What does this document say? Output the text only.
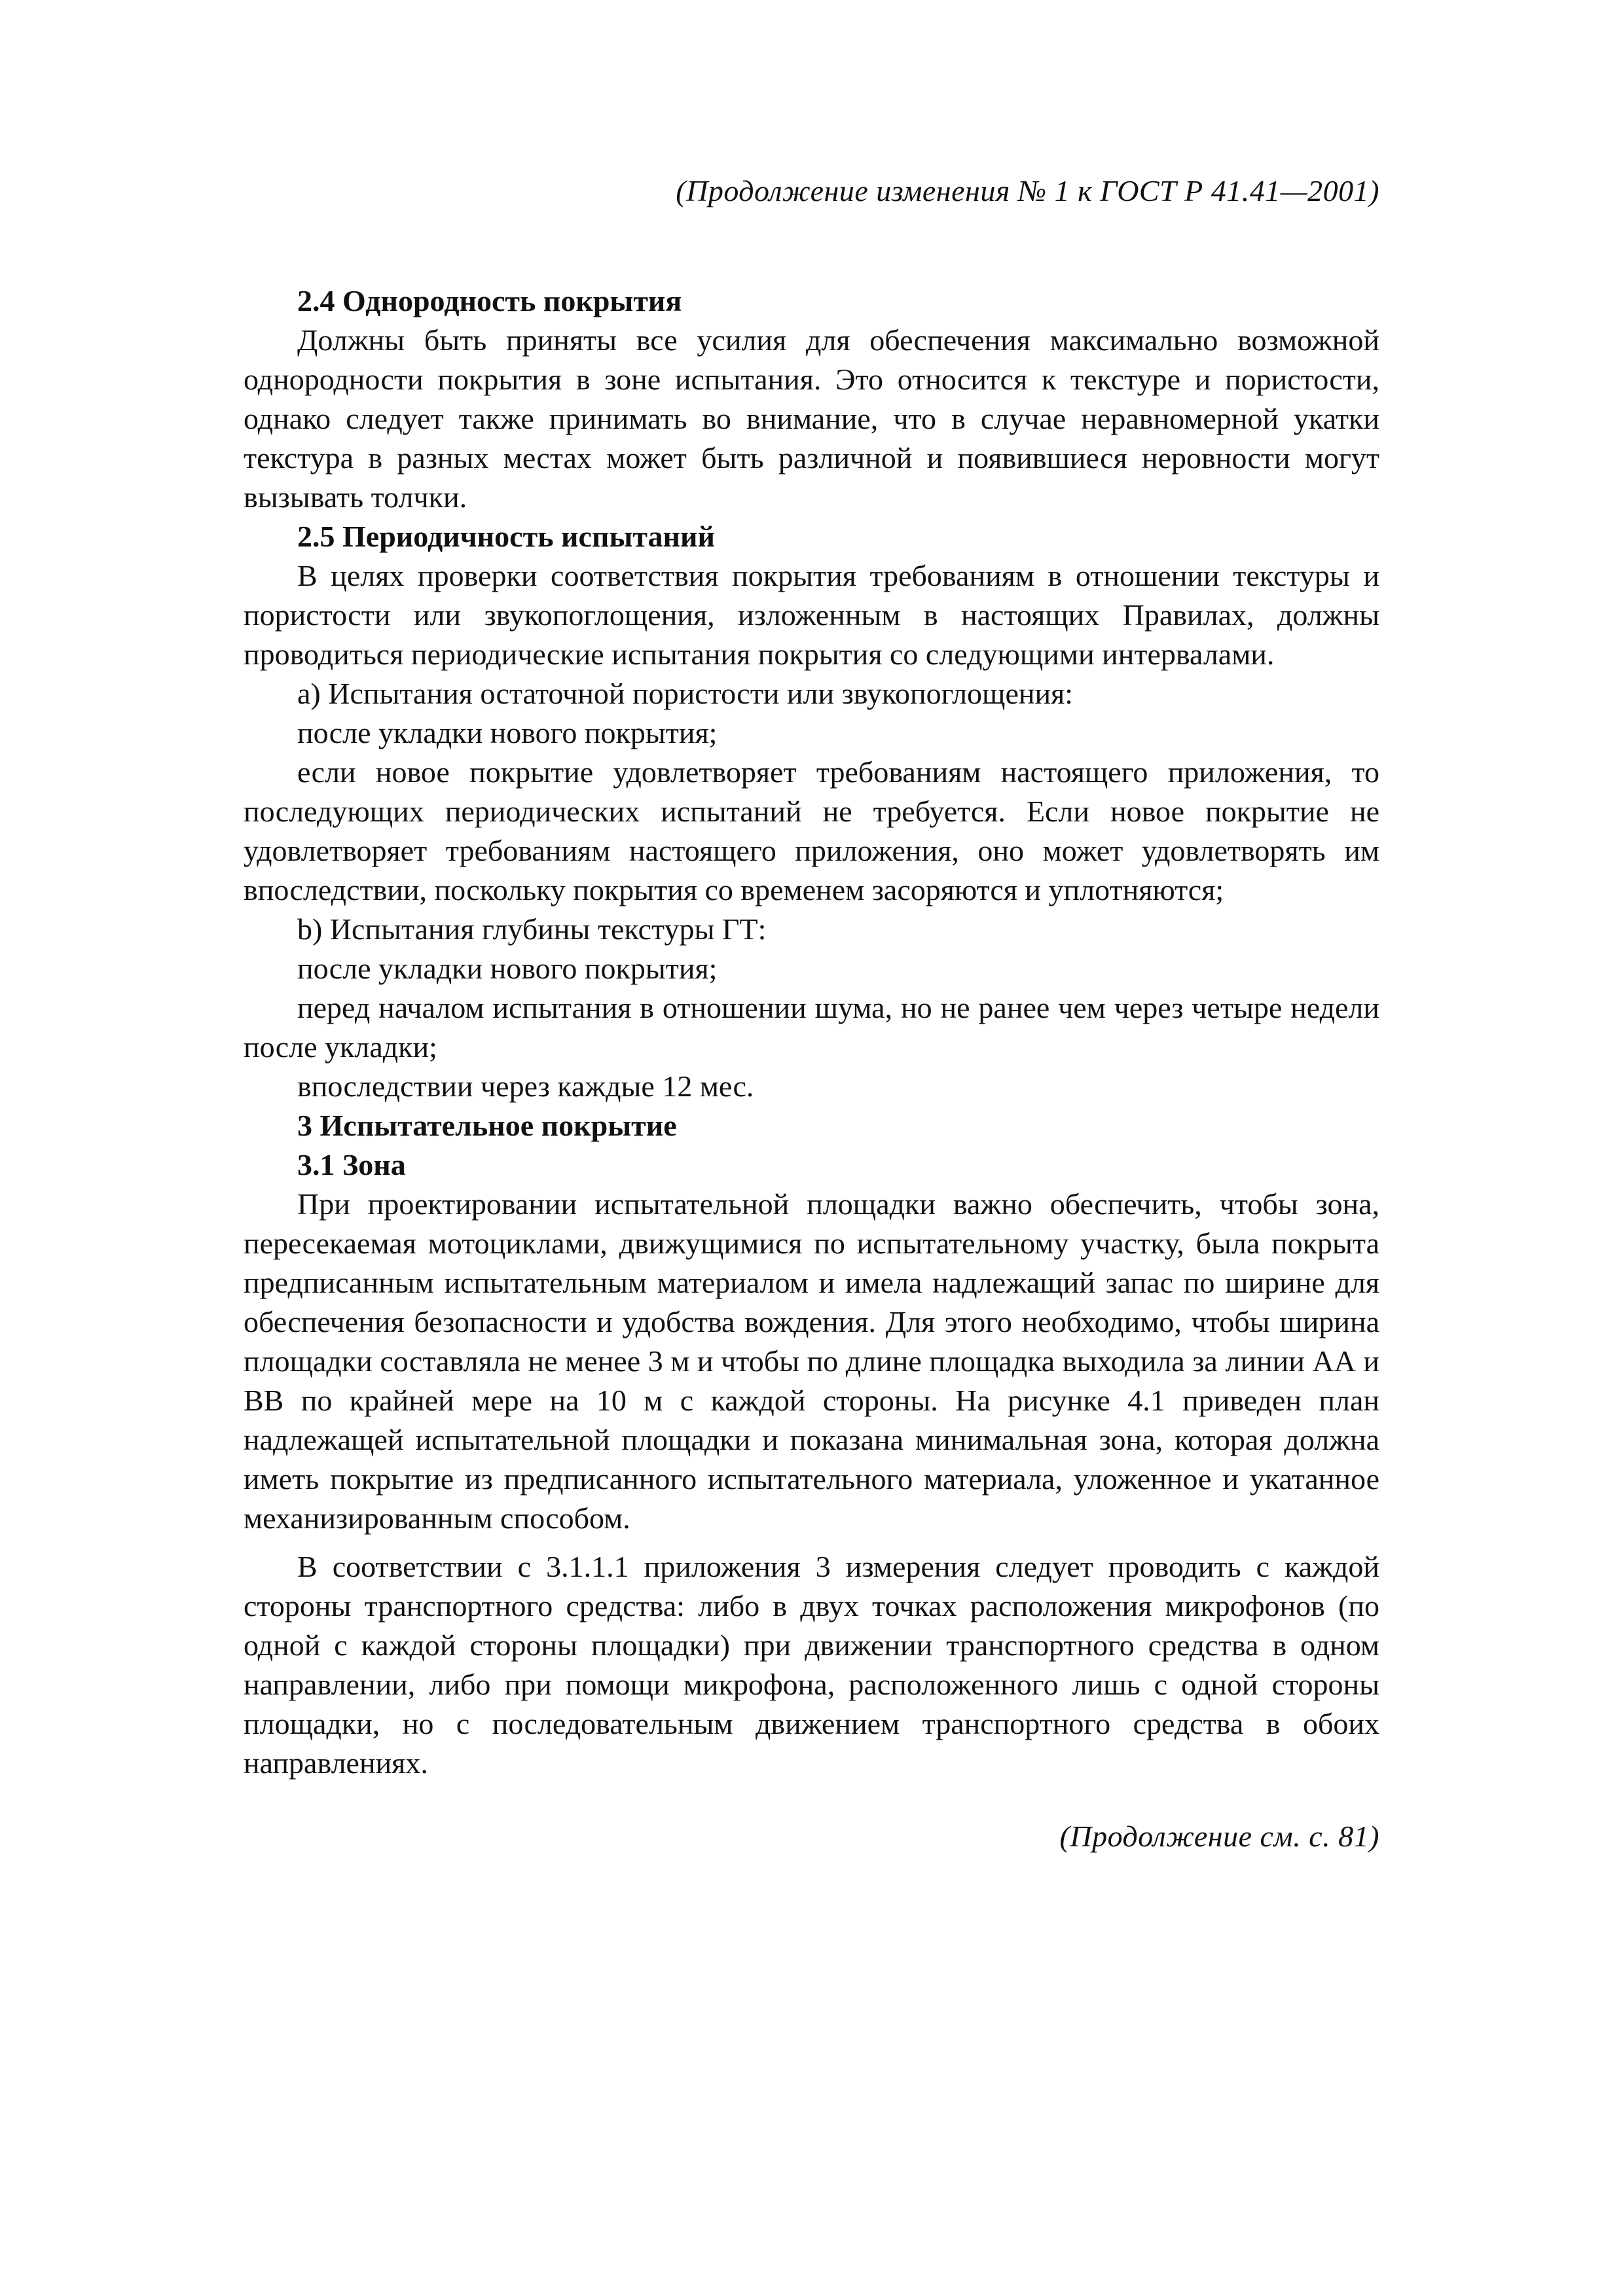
(Продолжение изменения № 1 к ГОСТ Р 41.41—2001)

2.4 Однородность покрытия

Должны быть приняты все усилия для обеспечения максимально возможной однородности покрытия в зоне испытания. Это относится к текстуре и пористости, однако следует также принимать во внимание, что в случае неравномерной укатки текстура в разных местах может быть различной и появившиеся неровности могут вызывать толчки.

2.5 Периодичность испытаний

В целях проверки соответствия покрытия требованиям в отношении текстуры и пористости или звукопоглощения, изложенным в настоящих Правилах, должны проводиться периодические испытания покрытия со следующими интервалами.

a) Испытания остаточной пористости или звукопоглощения:

после укладки нового покрытия;

если новое покрытие удовлетворяет требованиям настоящего приложения, то последующих периодических испытаний не требуется. Если новое покрытие не удовлетворяет требованиям настоящего приложения, оно может удовлетворять им впоследствии, поскольку покрытия со временем засоряются и уплотняются;

b) Испытания глубины текстуры ГТ:

после укладки нового покрытия;

перед началом испытания в отношении шума, но не ранее чем через четыре недели после укладки;

впоследствии через каждые 12 мес.

3 Испытательное покрытие

3.1 Зона

При проектировании испытательной площадки важно обеспечить, чтобы зона, пересекаемая мотоциклами, движущимися по испытательному участку, была покрыта предписанным испытательным материалом и имела надлежащий запас по ширине для обеспечения безопасности и удобства вождения. Для этого необходимо, чтобы ширина площадки составляла не менее 3 м и чтобы по длине площадка выходила за линии АА и ВВ по крайней мере на 10 м с каждой стороны. На рисунке 4.1 приведен план надлежащей испытательной площадки и показана минимальная зона, которая должна иметь покрытие из предписанного испытательного материала, уложенное и укатанное механизированным способом.

В соответствии с 3.1.1.1 приложения 3 измерения следует проводить с каждой стороны транспортного средства: либо в двух точках расположения микрофонов (по одной с каждой стороны площадки) при движении транспортного средства в одном направлении, либо при помощи микрофона, расположенного лишь с одной стороны площадки, но с последовательным движением транспортного средства в обоих направлениях.

(Продолжение см. с. 81)
